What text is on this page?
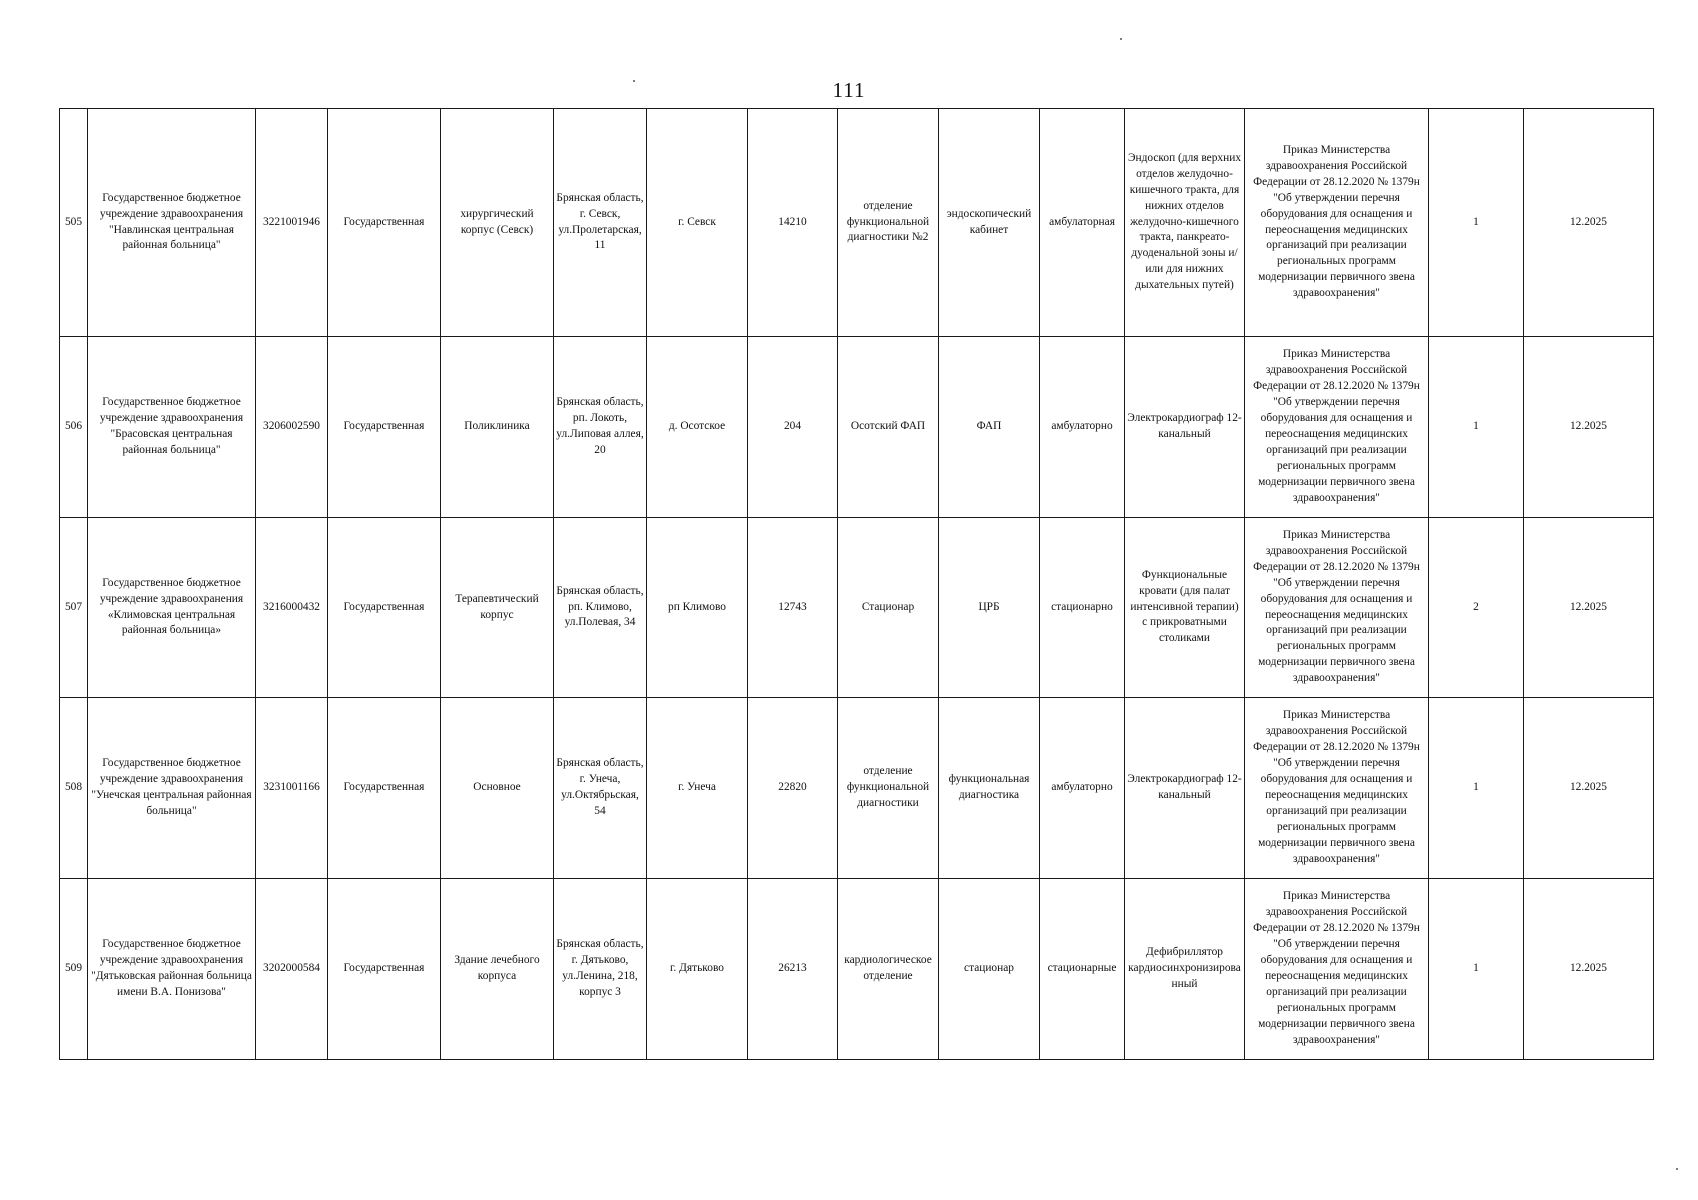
111
505	Государственное бюджетное учреждение здравоохранения "Навлинская центральная районная больница"	3221001946	Государственная	хирургический корпус (Севск)	Брянская область, г. Севск, ул.Пролетарская, 11	г. Севск	14210	отделение функциональной диагностики №2	эндоскопический кабинет	амбулаторная	Эндоскоп (для верхних отделов желудочно-кишечного тракта, для нижних отделов желудочно-кишечного тракта, панкреато-дуоденальной зоны и/или для нижних дыхательных путей)	Приказ Министерства здравоохранения Российской Федерации от 28.12.2020 № 1379н "Об утверждении перечня оборудования для оснащения и переоснащения медицинских организаций при реализации региональных программ модернизации первичного звена здравоохранения"	1	12.2025
506	Государственное бюджетное учреждение здравоохранения "Брасовская центральная районная больница"	3206002590	Государственная	Поликлиника	Брянская область, рп. Локоть, ул.Липовая аллея, 20	д. Осотское	204	Осотский ФАП	ФАП	амбулаторно	Электрокардиограф 12-канальный	Приказ Министерства здравоохранения Российской Федерации от 28.12.2020 № 1379н "Об утверждении перечня оборудования для оснащения и переоснащения медицинских организаций при реализации региональных программ модернизации первичного звена здравоохранения"	1	12.2025
507	Государственное бюджетное учреждение здравоохранения «Климовская центральная районная больница»	3216000432	Государственная	Терапевтический корпус	Брянская область, рп. Климово, ул.Полевая, 34	рп Климово	12743	Стационар	ЦРБ	стационарно	Функциональные кровати (для палат интенсивной терапии) с прикроватными столиками	Приказ Министерства здравоохранения Российской Федерации от 28.12.2020 № 1379н "Об утверждении перечня оборудования для оснащения и переоснащения медицинских организаций при реализации региональных программ модернизации первичного звена здравоохранения"	2	12.2025
508	Государственное бюджетное учреждение здравоохранения "Унечская центральная районная больница"	3231001166	Государственная	Основное	Брянская область, г. Унеча, ул.Октябрьская, 54	г. Унеча	22820	отделение функциональной диагностики	функциональная диагностика	амбулаторно	Электрокардиограф 12-канальный	Приказ Министерства здравоохранения Российской Федерации от 28.12.2020 № 1379н "Об утверждении перечня оборудования для оснащения и переоснащения медицинских организаций при реализации региональных программ модернизации первичного звена здравоохранения"	1	12.2025
509	Государственное бюджетное учреждение здравоохранения "Дятьковская районная больница имени В.А. Понизова"	3202000584	Государственная	Здание лечебного корпуса	Брянская область, г. Дятьково, ул.Ленина, 218, корпус 3	г. Дятьково	26213	кардиологическое отделение	стационар	стационарные	Дефибриллятор кардиосинхронизированный	Приказ Министерства здравоохранения Российской Федерации от 28.12.2020 № 1379н "Об утверждении перечня оборудования для оснащения и переоснащения медицинских организаций при реализации региональных программ модернизации первичного звена здравоохранения"	1	12.2025
